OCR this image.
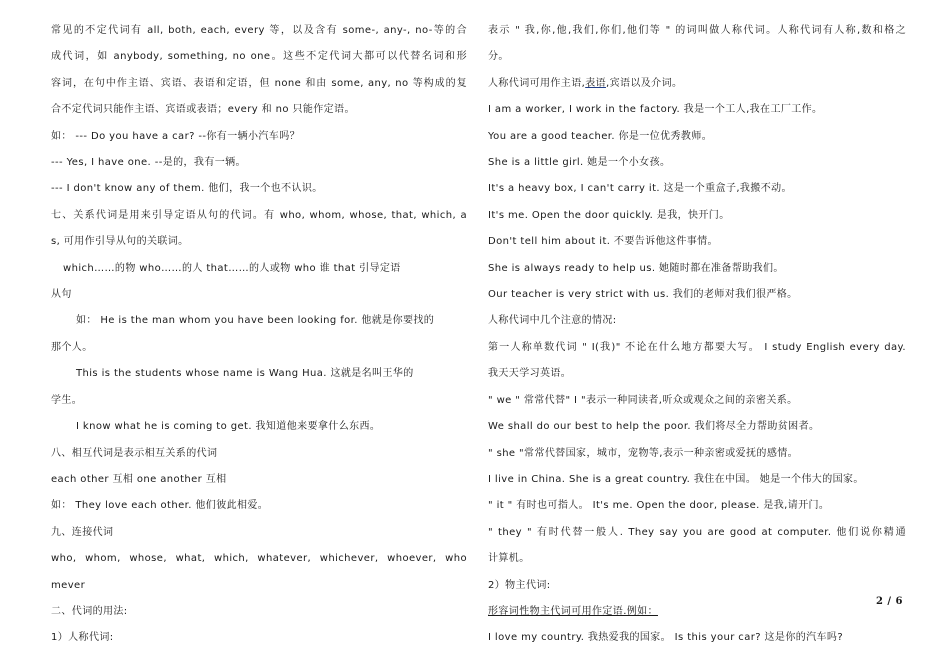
常见的不定代词有 all, both, each, every 等，以及含有 some-, any-, no-等的合
成代词，如 anybody, something, no one。这些不定代词大都可以代替名词和形
容词，在句中作主语、宾语、表语和定语，但 none 和由 some, any, no 等构成的复
合不定代词只能作主语、宾语或表语；every 和 no 只能作定语。
如： --- Do you have a car? --你有一辆小汽车吗？
--- Yes, I have one. --是的，我有一辆。
--- I don't know any of them. 他们，我一个也不认识。
七、关系代词是用来引导定语从句的代词。有 who, whom, whose, that, which, a
s, 可用作引导从句的关联词。
which……的物 who……的人 that……的人或物 who 谁 that 引导定语
从句
如： He is the man whom you have been looking for. 他就是你要找的
那个人。
This is the students whose name is Wang Hua. 这就是名叫王华的
学生。
I know what he is coming to get. 我知道他来要拿什么东西。
八、相互代词是表示相互关系的代词
each other 互相 one another 互相
如： They love each other. 他们彼此相爱。
九、连接代词
who, whom, whose, what, which, whatever, whichever, whoever, who
mever
二、代词的用法:
1）人称代词:
表示 " 我,你,他,我们,你们,他们等 " 的词叫做人称代词。人称代词有人称,数和格之
分。
人称代词可用作主语,表语,宾语以及介词。
I am a worker, I work in the factory. 我是一个工人,我在工厂工作。
You are a good teacher. 你是一位优秀教师。
She is a little girl. 她是一个小女孩。
It's a heavy box, I can't carry it. 这是一个重盒子,我搬不动。
It's me. Open the door quickly. 是我，快开门。
Don't tell him about it. 不要告诉他这件事情。
She is always ready to help us. 她随时都在准备帮助我们。
Our teacher is very strict with us. 我们的老师对我们很严格。
人称代词中几个注意的情况:
第一人称单数代词 " I(我)" 不论在什么地方都要大写。 I study English every day.
我天天学习英语。
" we " 常常代替" I "表示一种同读者,听众或观众之间的亲密关系。
We shall do our best to help the poor. 我们将尽全力帮助贫困者。
" she "常常代替国家，城市，宠物等,表示一种亲密或爱抚的感情。
I live in China. She is a great country. 我住在中国。 她是一个伟大的国家。
" it " 有时也可指人。 It's me. Open the door, please. 是我,请开门。
" they " 有时代替一般人. They say you are good at computer. 他们说你精通
计算机。
2）物主代词:
形容词性物主代词可用作定语.例如：
I love my country. 我热爱我的国家。 Is this your car? 这是你的汽车吗?
2 / 6
